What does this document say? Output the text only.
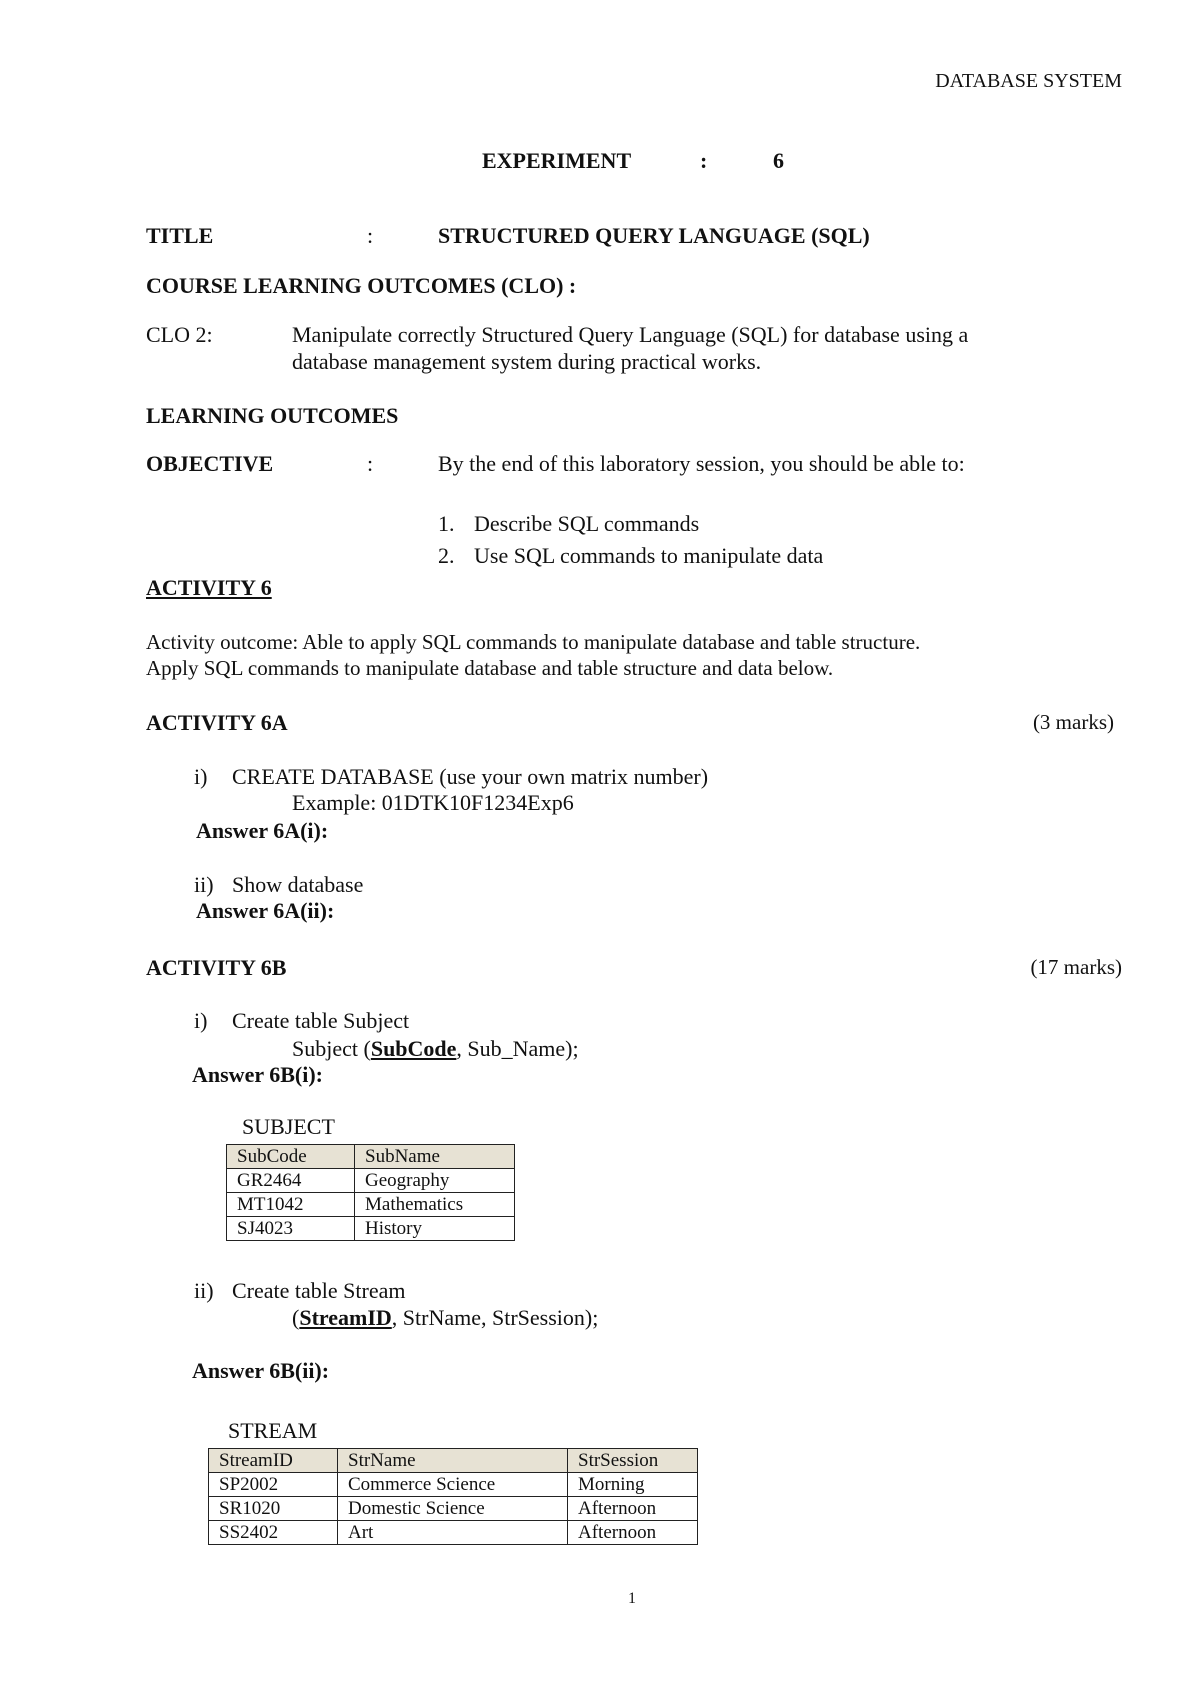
DATABASE SYSTEM
EXPERIMENT	:	6
TITLE	:	STRUCTURED QUERY LANGUAGE (SQL)
COURSE LEARNING OUTCOMES (CLO) :
CLO 2:	Manipulate correctly Structured Query Language (SQL) for database using a
database management system during practical works.
LEARNING OUTCOMES
OBJECTIVE	:	By the end of this laboratory session, you should be able to:
1. Describe SQL commands
2. Use SQL commands to manipulate data
ACTIVITY 6
Activity outcome: Able to apply SQL commands to manipulate database and table structure.
Apply SQL commands to manipulate database and table structure and data below.
ACTIVITY 6A	(3 marks)
i) CREATE DATABASE (use your own matrix number)
Example: 01DTK10F1234Exp6
Answer 6A(i):
ii) Show database
Answer 6A(ii):
ACTIVITY 6B	(17 marks)
i) Create table Subject
Subject (SubCode, Sub_Name);
Answer 6B(i):
SUBJECT
SubCode	SubName
GR2464	Geography
MT1042	Mathematics
SJ4023	History
ii) Create table Stream
(StreamID, StrName, StrSession);
Answer 6B(ii):
STREAM
StreamID	StrName	StrSession
SP2002	Commerce Science	Morning
SR1020	Domestic Science	Afternoon
SS2402	Art	Afternoon
1
